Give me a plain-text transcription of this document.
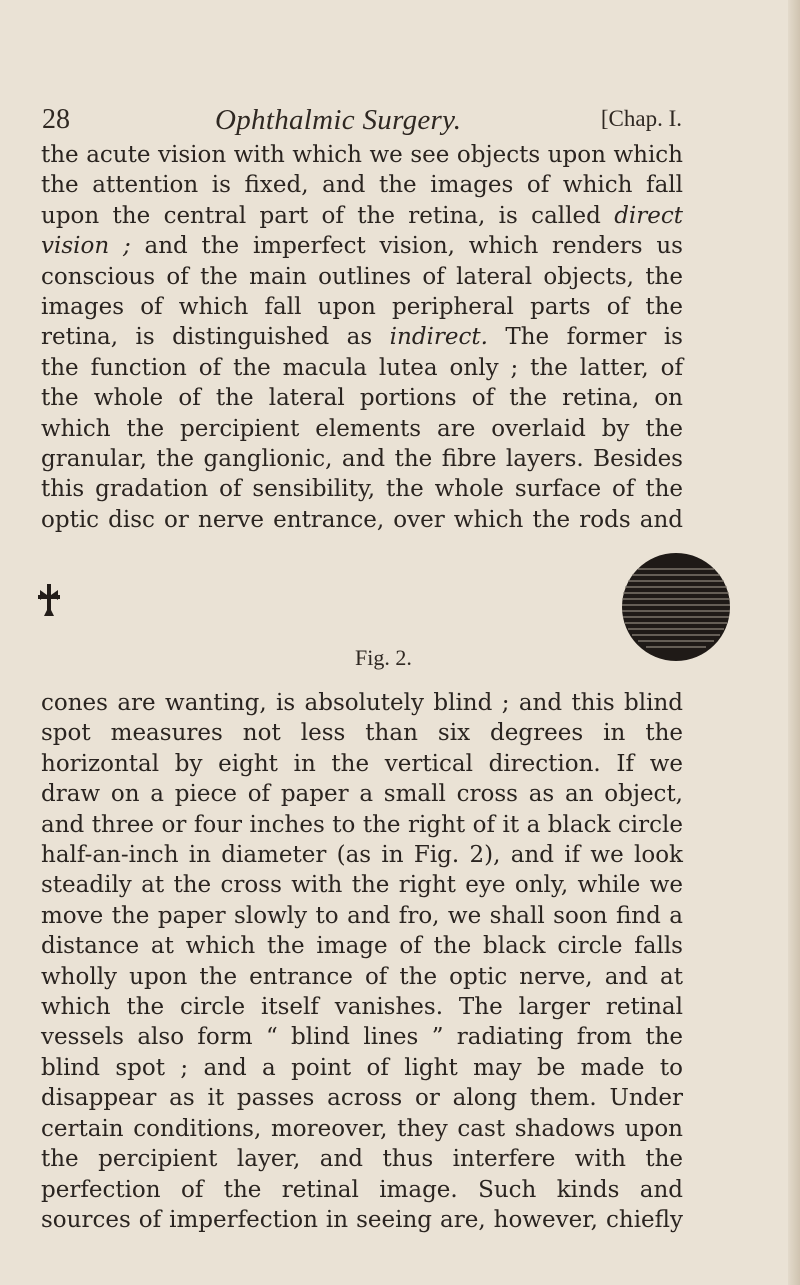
28	Ophthalmic Surgery.	[Chap. I.
the acute vision with which we see objects upon which
the attention is fixed, and the images of which fall
upon the central part of the retina, is called direct
vision ; and the imperfect vision, which renders us
conscious of the main outlines of lateral objects, the
images of which fall upon peripheral parts of the
retina, is distinguished as indirect. The former is
the function of the macula lutea only ; the latter, of
the whole of the lateral portions of the retina, on
which the percipient elements are overlaid by the
granular, the ganglionic, and the fibre layers. Besides
this gradation of sensibility, the whole surface of the
optic disc or nerve entrance, over which the rods and
Fig. 2.
cones are wanting, is absolutely blind ; and this blind
spot measures not less than six degrees in the
horizontal by eight in the vertical direction. If we
draw on a piece of paper a small cross as an object,
and three or four inches to the right of it a black circle
half-an-inch in diameter (as in Fig. 2), and if we look
steadily at the cross with the right eye only, while we
move the paper slowly to and fro, we shall soon find a
distance at which the image of the black circle falls
wholly upon the entrance of the optic nerve, and at
which the circle itself vanishes. The larger retinal
vessels also form “ blind lines ” radiating from the
blind spot ; and a point of light may be made to
disappear as it passes across or along them. Under
certain conditions, moreover, they cast shadows upon
the percipient layer, and thus interfere with the
perfection of the retinal image. Such kinds and
sources of imperfection in seeing are, however, chiefly
